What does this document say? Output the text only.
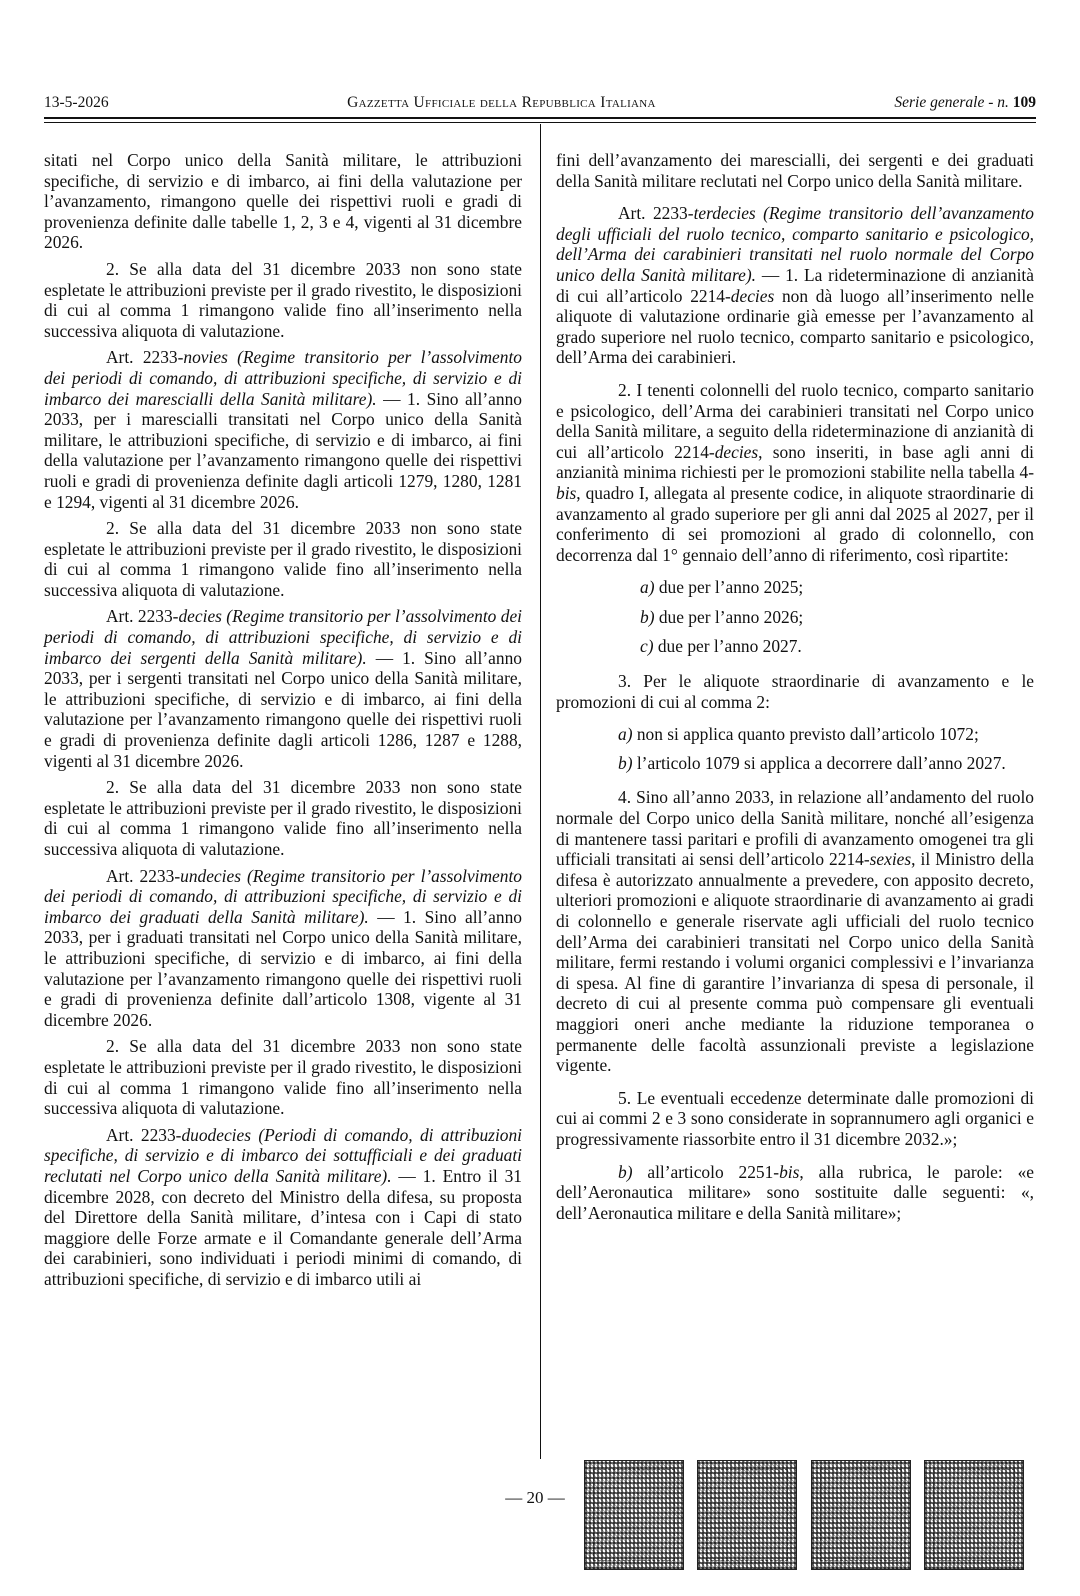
13-5-2026	Gazzetta Ufficiale della Repubblica Italiana	Serie generale - n. 109

sitati nel Corpo unico della Sanità militare, le attribuzioni specifiche, di servizio e di imbarco, ai fini della valutazione per l’avanzamento, rimangono quelle dei rispettivi ruoli e gradi di provenienza definite dalle tabelle 1, 2, 3 e 4, vigenti al 31 dicembre 2026.

2. Se alla data del 31 dicembre 2033 non sono state espletate le attribuzioni previste per il grado rivestito, le disposizioni di cui al comma 1 rimangono valide fino all’inserimento nella successiva aliquota di valutazione.

Art. 2233-novies (Regime transitorio per l’assolvimento dei periodi di comando, di attribuzioni specifiche, di servizio e di imbarco dei marescialli della Sanità militare). — 1. Sino all’anno 2033, per i marescialli transitati nel Corpo unico della Sanità militare, le attribuzioni specifiche, di servizio e di imbarco, ai fini della valutazione per l’avanzamento rimangono quelle dei rispettivi ruoli e gradi di provenienza definite dagli articoli 1279, 1280, 1281 e 1294, vigenti al 31 dicembre 2026.

2. Se alla data del 31 dicembre 2033 non sono state espletate le attribuzioni previste per il grado rivestito, le disposizioni di cui al comma 1 rimangono valide fino all’inserimento nella successiva aliquota di valutazione.

Art. 2233-decies (Regime transitorio per l’assolvimento dei periodi di comando, di attribuzioni specifiche, di servizio e di imbarco dei sergenti della Sanità militare). — 1. Sino all’anno 2033, per i sergenti transitati nel Corpo unico della Sanità militare, le attribuzioni specifiche, di servizio e di imbarco, ai fini della valutazione per l’avanzamento rimangono quelle dei rispettivi ruoli e gradi di provenienza definite dagli articoli 1286, 1287 e 1288, vigenti al 31 dicembre 2026.

2. Se alla data del 31 dicembre 2033 non sono state espletate le attribuzioni previste per il grado rivestito, le disposizioni di cui al comma 1 rimangono valide fino all’inserimento nella successiva aliquota di valutazione.

Art. 2233-undecies (Regime transitorio per l’assolvimento dei periodi di comando, di attribuzioni specifiche, di servizio e di imbarco dei graduati della Sanità militare). — 1. Sino all’anno 2033, per i graduati transitati nel Corpo unico della Sanità militare, le attribuzioni specifiche, di servizio e di imbarco, ai fini della valutazione per l’avanzamento rimangono quelle dei rispettivi ruoli e gradi di provenienza definite dall’articolo 1308, vigente al 31 dicembre 2026.

2. Se alla data del 31 dicembre 2033 non sono state espletate le attribuzioni previste per il grado rivestito, le disposizioni di cui al comma 1 rimangono valide fino all’inserimento nella successiva aliquota di valutazione.

Art. 2233-duodecies (Periodi di comando, di attribuzioni specifiche, di servizio e di imbarco dei sottufficiali e dei graduati reclutati nel Corpo unico della Sanità militare). — 1. Entro il 31 dicembre 2028, con decreto del Ministro della difesa, su proposta del Direttore della Sanità militare, d’intesa con i Capi di stato maggiore delle Forze armate e il Comandante generale dell’Arma dei carabinieri, sono individuati i periodi minimi di comando, di attribuzioni specifiche, di servizio e di imbarco utili ai

fini dell’avanzamento dei marescialli, dei sergenti e dei graduati della Sanità militare reclutati nel Corpo unico della Sanità militare.

Art. 2233-terdecies (Regime transitorio dell’avanzamento degli ufficiali del ruolo tecnico, comparto sanitario e psicologico, dell’Arma dei carabinieri transitati nel ruolo normale del Corpo unico della Sanità militare). — 1. La rideterminazione di anzianità di cui all’articolo 2214-decies non dà luogo all’inserimento nelle aliquote di valutazione ordinarie già emesse per l’avanzamento al grado superiore nel ruolo tecnico, comparto sanitario e psicologico, dell’Arma dei carabinieri.

2. I tenenti colonnelli del ruolo tecnico, comparto sanitario e psicologico, dell’Arma dei carabinieri transitati nel Corpo unico della Sanità militare, a seguito della rideterminazione di anzianità di cui all’articolo 2214-decies, sono inseriti, in base agli anni di anzianità minima richiesti per le promozioni stabilite nella tabella 4-bis, quadro I, allegata al presente codice, in aliquote straordinarie di avanzamento al grado superiore per gli anni dal 2025 al 2027, per il conferimento di sei promozioni al grado di colonnello, con decorrenza dal 1° gennaio dell’anno di riferimento, così ripartite:

a) due per l’anno 2025;

b) due per l’anno 2026;

c) due per l’anno 2027.

3. Per le aliquote straordinarie di avanzamento e le promozioni di cui al comma 2:

a) non si applica quanto previsto dall’articolo 1072;

b) l’articolo 1079 si applica a decorrere dall’anno 2027.

4. Sino all’anno 2033, in relazione all’andamento del ruolo normale del Corpo unico della Sanità militare, nonché all’esigenza di mantenere tassi paritari e profili di avanzamento omogenei tra gli ufficiali transitati ai sensi dell’articolo 2214-sexies, il Ministro della difesa è autorizzato annualmente a prevedere, con apposito decreto, ulteriori promozioni e aliquote straordinarie di avanzamento ai gradi di colonnello e generale riservate agli ufficiali del ruolo tecnico dell’Arma dei carabinieri transitati nel Corpo unico della Sanità militare, fermi restando i volumi organici complessivi e l’invarianza di spesa. Al fine di garantire l’invarianza di spesa di personale, il decreto di cui al presente comma può compensare gli eventuali maggiori oneri anche mediante la riduzione temporanea o permanente delle facoltà assunzionali previste a legislazione vigente.

5. Le eventuali eccedenze determinate dalle promozioni di cui ai commi 2 e 3 sono considerate in soprannumero agli organici e progressivamente riassorbite entro il 31 dicembre 2032.»;

b) all’articolo 2251-bis, alla rubrica, le parole: «e dell’Aeronautica militare» sono sostituite dalle seguenti: «, dell’Aeronautica militare e della Sanità militare»;

— 20 —
